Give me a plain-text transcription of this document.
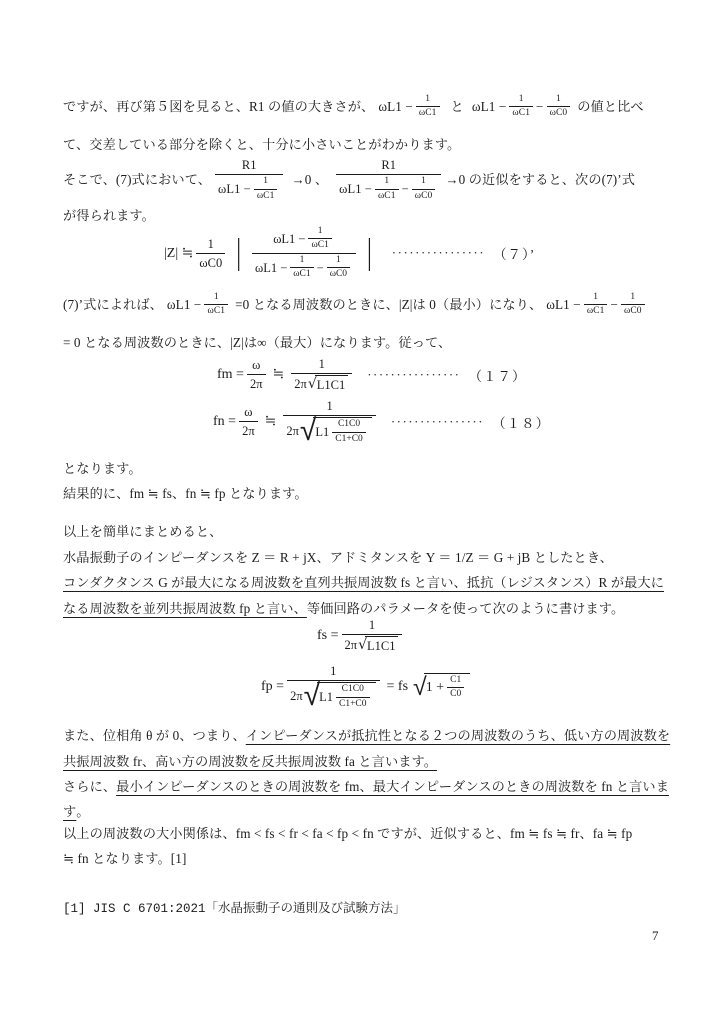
ですが、再び第５図を見ると、R1 の値の大きさが、 $\omega L1 - \frac{1}{\omega C1}$ と $\omega L1 - \frac{1}{\omega C1} - \frac{1}{\omega C0}$ の値と比べ
て、交差している部分を除くと、十分に小さいことがわかります。
そこで、(7)式において、 $\frac{R1}{\omega L1 - \frac{1}{\omega C1}} \to 0$ 、
R1
$\omega L1 - \frac{1}{\omega C1} - \frac{1}{\omega C0} \to 0$ の近似をすると、次の(7)’式
が得られます。
|Z| ≒ $\frac{1}{\omega C0}$ | $\omega L1 - \frac{1}{\omega C1}$
$\omega L1 - \frac{1}{\omega C1} - \frac{1}{\omega C0}$ | ················ （７）’
(7)’式によれば、 $\omega L1 - \frac{1}{\omega C1} =0$ となる周波数のときに、|Z|は 0（最小）になり、 $\omega L1 - \frac{1}{\omega C1} - \frac{1}{\omega C0}$
= 0 となる周波数のときに、|Z|は∞（最大）になります。従って、
fm = $\frac{\omega}{2\pi}$ ≒ $\frac{1}{2\pi √ L1C1}$ ················ （１７）
fn = $\frac{\omega}{2\pi}$ ≒
1
2π √ $L1 \frac{C1C0}{C1+C0}$ ················ （１８）
となります。
結果的に、fm ≒ fs、fn ≒ fp となります。
以上を簡単にまとめると、
水晶振動子のインピーダンスを Z ＝ R + jX、アドミタンスを Y ＝ 1/Z ＝ G + jB としたとき、
コンダクタンス G が最大になる周波数を直列共振周波数 fs と言い、抵抗（レジスタンス）R が最大に
なる周波数を並列共振周波数 fp と言い、 等価回路のパラメータを使って次のように書けます。
fs = $\frac{1}{2\pi √ L1C1}$
fp =
1
2π √ $L1 \frac{C1C0}{C1+C0}$ = fs √ $1 + \frac{C1}{C0}$
また、位相角 θ が 0、つまり、 インピーダンスが抵抗性となる２つの周波数のうち、低い方の周波数を
共振周波数 fr、高い方の周波数を反共振周波数 fa と言います。
さらに、 最小インピーダンスのときの周波数を fm、最大インピーダンスのときの周波数を fn と言いま
す 。
以上の周波数の大小関係は、fm < fs < fr < fa < fp < fn ですが、近似すると、fm ≒ fs ≒ fr、fa ≒ fp
≒ fn となります。[1]
[1] JIS C 6701:2021「水晶振動子の通則及び試験方法」
7
